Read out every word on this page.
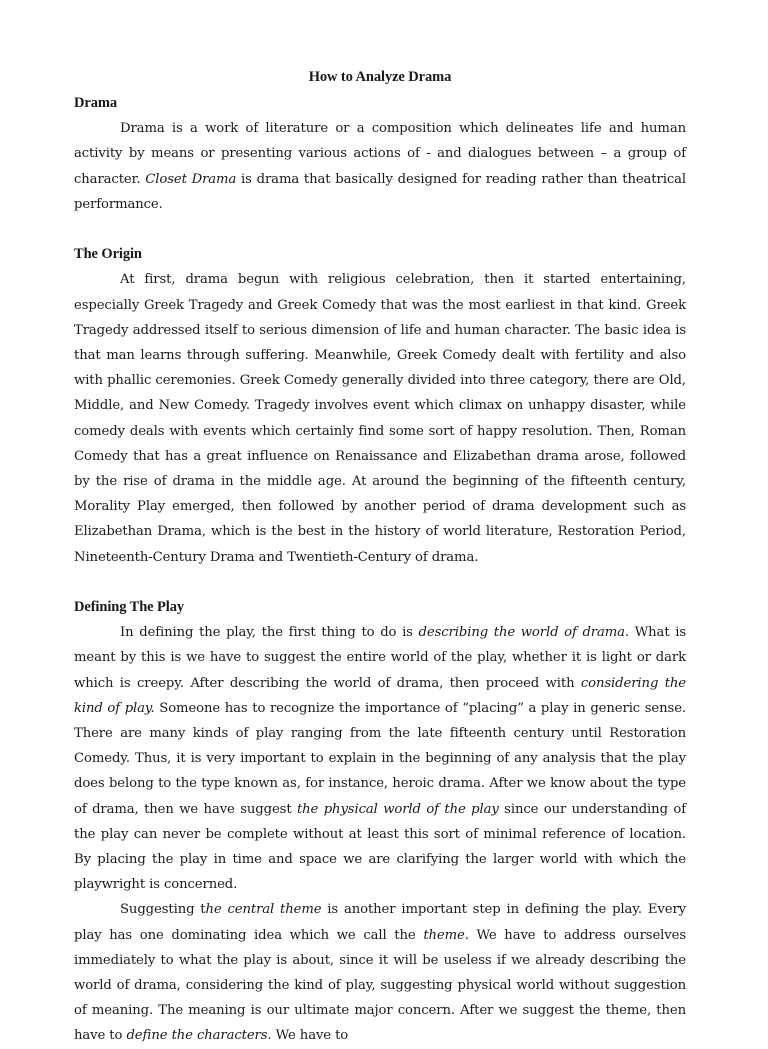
How to Analyze Drama
Drama

Drama is a work of literature or a composition which delineates life and human activity by means or presenting various actions of - and dialogues between – a group of character. Closet Drama is drama that basically designed for reading rather than theatrical performance.

The Origin

At first, drama begun with religious celebration, then it started entertaining, especially Greek Tragedy and Greek Comedy that was the most earliest in that kind. Greek Tragedy addressed itself to serious dimension of life and human character. The basic idea is that man learns through suffering. Meanwhile, Greek Comedy dealt with fertility and also with phallic ceremonies. Greek Comedy generally divided into three category, there are Old, Middle, and New Comedy. Tragedy involves event which climax on unhappy disaster, while comedy deals with events which certainly find some sort of happy resolution. Then, Roman Comedy that has a great influence on Renaissance and Elizabethan drama arose, followed by the rise of drama in the middle age. At around the beginning of the fifteenth century, Morality Play emerged, then followed by another period of drama development such as Elizabethan Drama, which is the best in the history of world literature, Restoration Period, Nineteenth-Century Drama and Twentieth-Century of drama.

Defining The Play

In defining the play, the first thing to do is describing the world of drama. What is meant by this is we have to suggest the entire world of the play, whether it is light or dark which is creepy. After describing the world of drama, then proceed with considering the kind of play. Someone has to recognize the importance of “placing” a play in generic sense. There are many kinds of play ranging from the late fifteenth century until Restoration Comedy. Thus, it is very important to explain in the beginning of any analysis that the play does belong to the type known as, for instance, heroic drama. After we know about the type of drama, then we have suggest the physical world of the play since our understanding of the play can never be complete without at least this sort of minimal reference of location. By placing the play in time and space we are clarifying the larger world with which the playwright is concerned.

Suggesting the central theme is another important step in defining the play. Every play has one dominating idea which we call the theme. We have to address ourselves immediately to what the play is about, since it will be useless if we already describing the world of drama, considering the kind of play, suggesting physical world without suggestion of meaning. The meaning is our ultimate major concern. After we suggest the theme, then have to define the characters. We have to
